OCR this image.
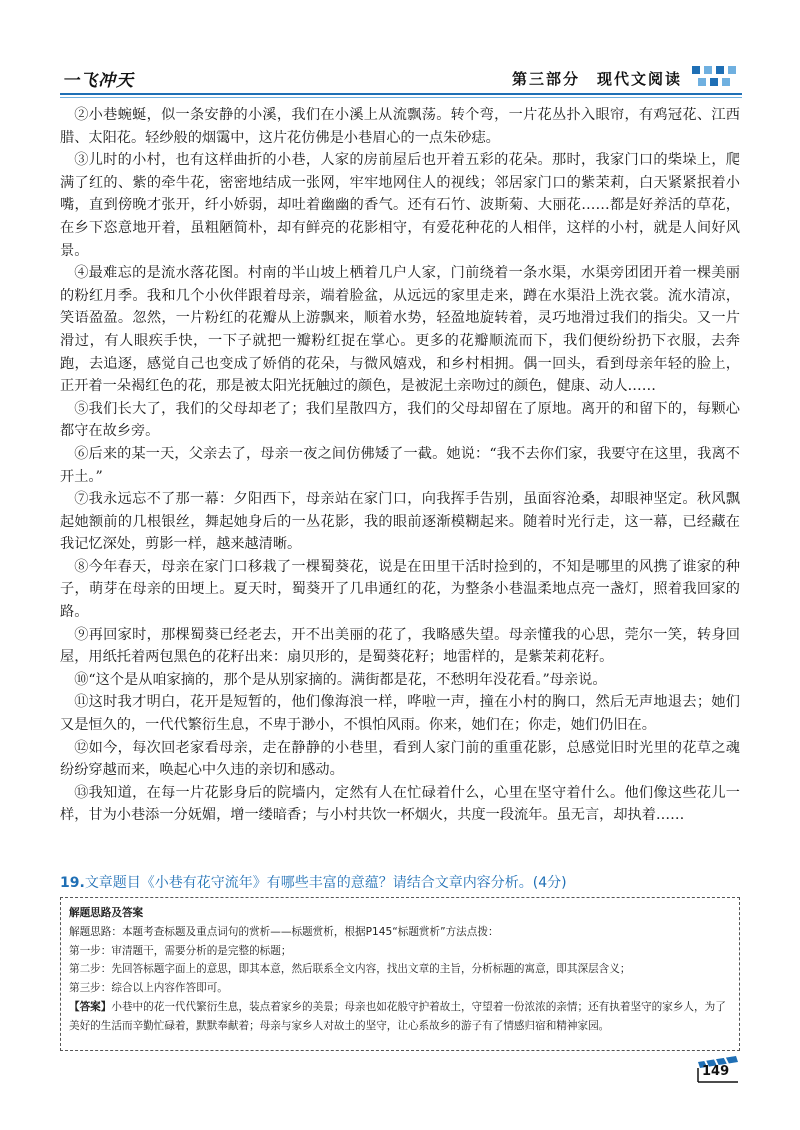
一飞冲天	第三部分　现代文阅读

②小巷蜿蜒，似一条安静的小溪，我们在小溪上从流飘荡。转个弯，一片花丛扑入眼帘，有鸡冠花、江西腊、太阳花。轻纱般的烟霭中，这片花仿佛是小巷眉心的一点朱砂痣。

③儿时的小村，也有这样曲折的小巷，人家的房前屋后也开着五彩的花朵。那时，我家门口的柴垛上，爬满了红的、紫的牵牛花，密密地结成一张网，牢牢地网住人的视线；邻居家门口的紫茉莉，白天紧紧抿着小嘴，直到傍晚才张开，纤小娇弱，却吐着幽幽的香气。还有石竹、波斯菊、大丽花……都是好养活的草花，在乡下恣意地开着，虽粗陋简朴，却有鲜亮的花影相守，有爱花种花的人相伴，这样的小村，就是人间好风景。

④最难忘的是流水落花图。村南的半山坡上栖着几户人家，门前绕着一条水渠，水渠旁团团开着一棵美丽的粉红月季。我和几个小伙伴跟着母亲，端着脸盆，从远远的家里走来，蹲在水渠沿上洗衣裳。流水清凉，笑语盈盈。忽然，一片粉红的花瓣从上游飘来，顺着水势，轻盈地旋转着，灵巧地滑过我们的指尖。又一片滑过，有人眼疾手快，一下子就把一瓣粉红捉在掌心。更多的花瓣顺流而下，我们便纷纷扔下衣服，去奔跑，去追逐，感觉自己也变成了娇俏的花朵，与微风嬉戏，和乡村相拥。偶一回头，看到母亲年轻的脸上，正开着一朵褐红色的花，那是被太阳光抚触过的颜色，是被泥土亲吻过的颜色，健康、动人……

⑤我们长大了，我们的父母却老了；我们星散四方，我们的父母却留在了原地。离开的和留下的，每颗心都守在故乡旁。

⑥后来的某一天，父亲去了，母亲一夜之间仿佛矮了一截。她说：“我不去你们家，我要守在这里，我离不开土。”

⑦我永远忘不了那一幕：夕阳西下，母亲站在家门口，向我挥手告别，虽面容沧桑，却眼神坚定。秋风飘起她额前的几根银丝，舞起她身后的一丛花影，我的眼前逐渐模糊起来。随着时光行走，这一幕，已经藏在我记忆深处，剪影一样，越来越清晰。

⑧今年春天，母亲在家门口移栽了一棵蜀葵花，说是在田里干活时捡到的，不知是哪里的风携了谁家的种子，萌芽在母亲的田埂上。夏天时，蜀葵开了几串通红的花，为整条小巷温柔地点亮一盏灯，照着我回家的路。

⑨再回家时，那棵蜀葵已经老去，开不出美丽的花了，我略感失望。母亲懂我的心思，莞尔一笑，转身回屋，用纸托着两包黑色的花籽出来：扇贝形的，是蜀葵花籽；地雷样的，是紫茉莉花籽。

⑩“这个是从咱家摘的，那个是从别家摘的。满街都是花，不愁明年没花看。”母亲说。

⑪这时我才明白，花开是短暂的，他们像海浪一样，哗啦一声，撞在小村的胸口，然后无声地退去；她们又是恒久的，一代代繁衍生息，不卑于渺小，不惧怕风雨。你来，她们在；你走，她们仍旧在。

⑫如今，每次回老家看母亲，走在静静的小巷里，看到人家门前的重重花影，总感觉旧时光里的花草之魂纷纷穿越而来，唤起心中久违的亲切和感动。

⑬我知道，在每一片花影身后的院墙内，定然有人在忙碌着什么，心里在坚守着什么。他们像这些花儿一样，甘为小巷添一分妩媚，增一缕暗香；与小村共饮一杯烟火，共度一段流年。虽无言，却执着……

19.文章题目《小巷有花守流年》有哪些丰富的意蕴？请结合文章内容分析。(4分)

解题思路及答案

解题思路：本题考查标题及重点词句的赏析——标题赏析，根据P145“标题赏析”方法点拨：

第一步：审清题干，需要分析的是完整的标题；

第二步：先回答标题字面上的意思，即其本意，然后联系全文内容，找出文章的主旨，分析标题的寓意，即其深层含义；

第三步：综合以上内容作答即可。

【答案】小巷中的花一代代繁衍生息，装点着家乡的美景；母亲也如花般守护着故土，守望着一份浓浓的亲情；还有执着坚守的家乡人，为了美好的生活而辛勤忙碌着，默默奉献着；母亲与家乡人对故土的坚守，让心系故乡的游子有了情感归宿和精神家园。

149
